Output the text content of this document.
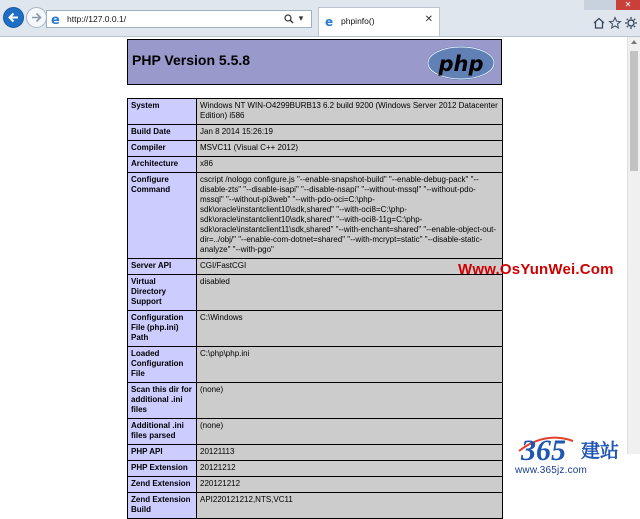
e http://127.0.0.1/	▾	e phpinfo()	✕
✕
PHP Version 5.5.8	php
System	Windows NT WIN-O4299BURB13 6.2 build 9200 (Windows Server 2012 Datacenter Edition) i586
Build Date	Jan 8 2014 15:26:19
Compiler	MSVC11 (Visual C++ 2012)
Architecture	x86
Configure Command	cscript /nologo configure.js "--enable-snapshot-build" "--enable-debug-pack" "--disable-zts" "--disable-isapi" "--disable-nsapi" "--without-mssql" "--without-pdo-mssql" "--without-pi3web" "--with-pdo-oci=C:\php-sdk\oracle\instantclient10\sdk,shared" "--with-oci8=C:\php-sdk\oracle\instantclient10\sdk,shared" "--with-oci8-11g=C:\php-sdk\oracle\instantclient11\sdk,shared" "--with-enchant=shared" "--enable-object-out-dir=../obj/" "--enable-com-dotnet=shared" "--with-mcrypt=static" "--disable-static-analyze" "--with-pgo"
Server API	CGI/FastCGI
Virtual Directory Support	disabled
Configuration File (php.ini) Path	C:\Windows
Loaded Configuration File	C:\php\php.ini
Scan this dir for additional .ini files	(none)
Additional .ini files parsed	(none)
PHP API	20121113
PHP Extension	20121212
Zend Extension	220121212
Zend Extension Build	API220121212,NTS,VC11
Www.OsYunWei.Com
365 建站
www.365jz.com
